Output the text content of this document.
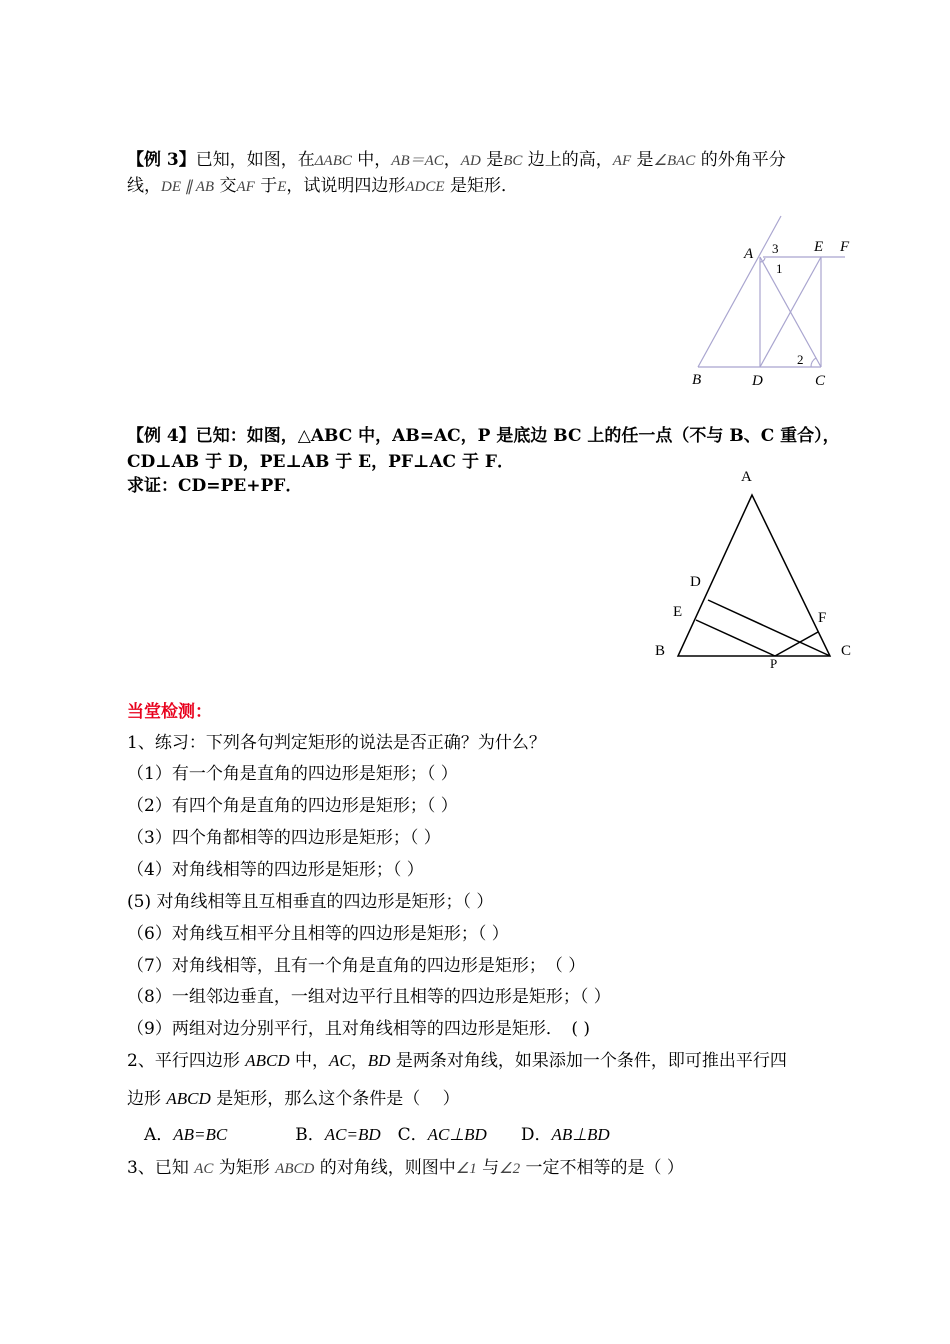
【例 3】已知，如图，在ΔABC 中，AB＝AC，AD 是BC 边上的高，AF 是∠BAC 的外角平分
线，DE ∥ AB 交AF 于E，试说明四边形ADCE 是矩形．
A 3
1
E F
2
B	D	C
【例 4】已知：如图，△ABC 中，AB=AC，P 是底边 BC 上的任一点（不与 B、C 重合），
CD⊥AB 于 D，PE⊥AB 于 E，PF⊥AC 于 F．
求证：CD=PE+PF．	A
D
E	F
B	C
P
当堂检测：
1、练习：下列各句判定矩形的说法是否正确？为什么？
（1）有一个角是直角的四边形是矩形；（ ）
（2）有四个角是直角的四边形是矩形；（ ）
（3）四个角都相等的四边形是矩形；（ ）
（4）对角线相等的四边形是矩形；（ ）
(5) 对角线相等且互相垂直的四边形是矩形；（ ）
（6）对角线互相平分且相等的四边形是矩形；（ ）
（7）对角线相等，且有一个角是直角的四边形是矩形；　（ ）
（8）一组邻边垂直，一组对边平行且相等的四边形是矩形；（ ）
（9）两组对边分别平行，且对角线相等的四边形是矩形．　( )
2、平行四边形 ABCD 中，AC，BD 是两条对角线，如果添加一个条件，即可推出平行四
边形 ABCD 是矩形，那么这个条件是（　 ）
　A．AB=BC　　　　B．AC=BD　C．AC⊥BD　　D．AB⊥BD
3、已知 AC 为矩形 ABCD 的对角线，则图中∠1 与∠2 一定不相等的是（ ）
